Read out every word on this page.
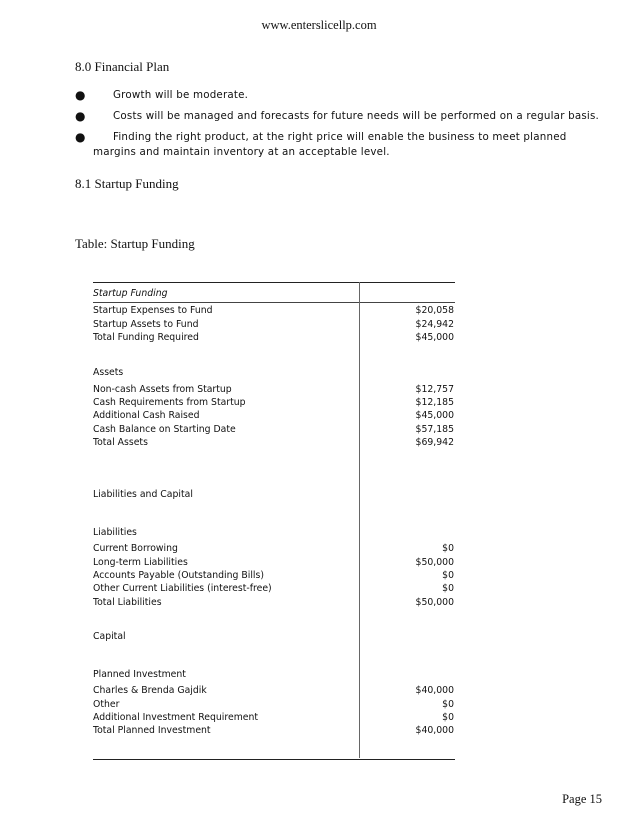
www.enterslicellp.com
8.0 Financial Plan
●	Growth will be moderate.
●	Costs will be managed and forecasts for future needs will be performed on a regular basis.
●	Finding the right product, at the right price will enable the business to meet planned
margins and maintain inventory at an acceptable level.
8.1 Startup Funding
Table: Startup Funding
Startup Funding
Startup Expenses to Fund	$20,058
Startup Assets to Fund	$24,942
Total Funding Required	$45,000
Assets
Non-cash Assets from Startup	$12,757
Cash Requirements from Startup	$12,185
Additional Cash Raised	$45,000
Cash Balance on Starting Date	$57,185
Total Assets	$69,942
Liabilities and Capital
Liabilities
Current Borrowing	$0
Long-term Liabilities	$50,000
Accounts Payable (Outstanding Bills)	$0
Other Current Liabilities (interest-free)	$0
Total Liabilities	$50,000
Capital
Planned Investment
Charles & Brenda Gajdik	$40,000
Other	$0
Additional Investment Requirement	$0
Total Planned Investment	$40,000
Page 15
